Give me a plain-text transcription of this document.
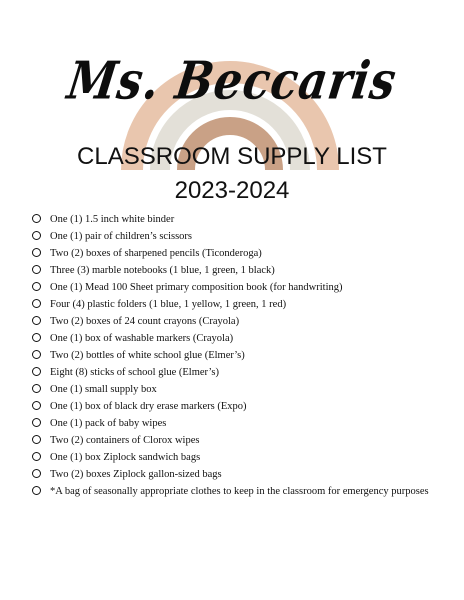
Ms. Beccaris
CLASSROOM SUPPLY LIST
2023-2024
One (1) 1.5 inch white binder
One (1) pair of children’s scissors
Two (2) boxes of sharpened pencils (Ticonderoga)
Three (3) marble notebooks (1 blue, 1 green, 1 black)
One (1) Mead 100 Sheet primary composition book (for handwriting)
Four (4) plastic folders (1 blue, 1 yellow, 1 green, 1 red)
Two (2) boxes of 24 count crayons (Crayola)
One (1) box of washable markers (Crayola)
Two (2) bottles of white school glue (Elmer’s)
Eight (8) sticks of school glue (Elmer’s)
One (1) small supply box
One (1) box of black dry erase markers (Expo)
One (1) pack of baby wipes
Two (2) containers of Clorox wipes
One (1) box Ziplock sandwich bags
Two (2) boxes Ziplock gallon-sized bags
*A bag of seasonally appropriate clothes to keep in the classroom for emergency purposes
